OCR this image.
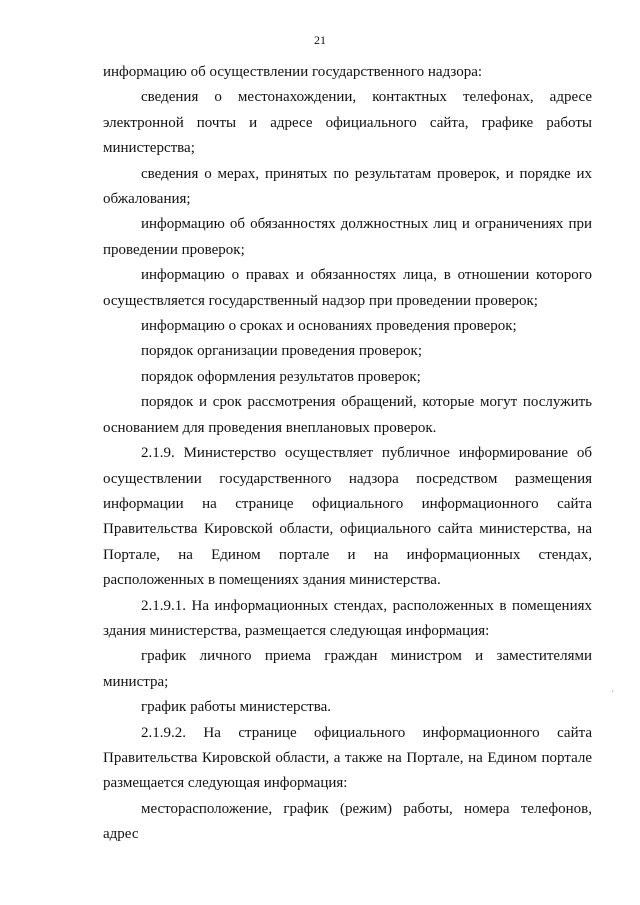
21

информацию об осуществлении государственного надзора:

сведения о местонахождении, контактных телефонах, адресе электронной почты и адресе официального сайта, графике работы министерства;

сведения о мерах, принятых по результатам проверок, и порядке их обжалования;

информацию об обязанностях должностных лиц и ограничениях при проведении проверок;

информацию о правах и обязанностях лица, в отношении которого осуществляется государственный надзор при проведении проверок;

информацию о сроках и основаниях проведения проверок;

порядок организации проведения проверок;

порядок оформления результатов проверок;

порядок и срок рассмотрения обращений, которые могут послужить основанием для проведения внеплановых проверок.

2.1.9. Министерство осуществляет публичное информирование об осуществлении государственного надзора посредством размещения информации на странице официального информационного сайта Правительства Кировской области, официального сайта министерства, на Портале, на Едином портале и на информационных стендах, расположенных в помещениях здания министерства.

2.1.9.1. На информационных стендах, расположенных в помещениях здания министерства, размещается следующая информация:

график личного приема граждан министром и заместителями министра;

график работы министерства.

2.1.9.2. На странице официального информационного сайта Правительства Кировской области, а также на Портале, на Едином портале размещается следующая информация:

месторасположение, график (режим) работы, номера телефонов, адрес
